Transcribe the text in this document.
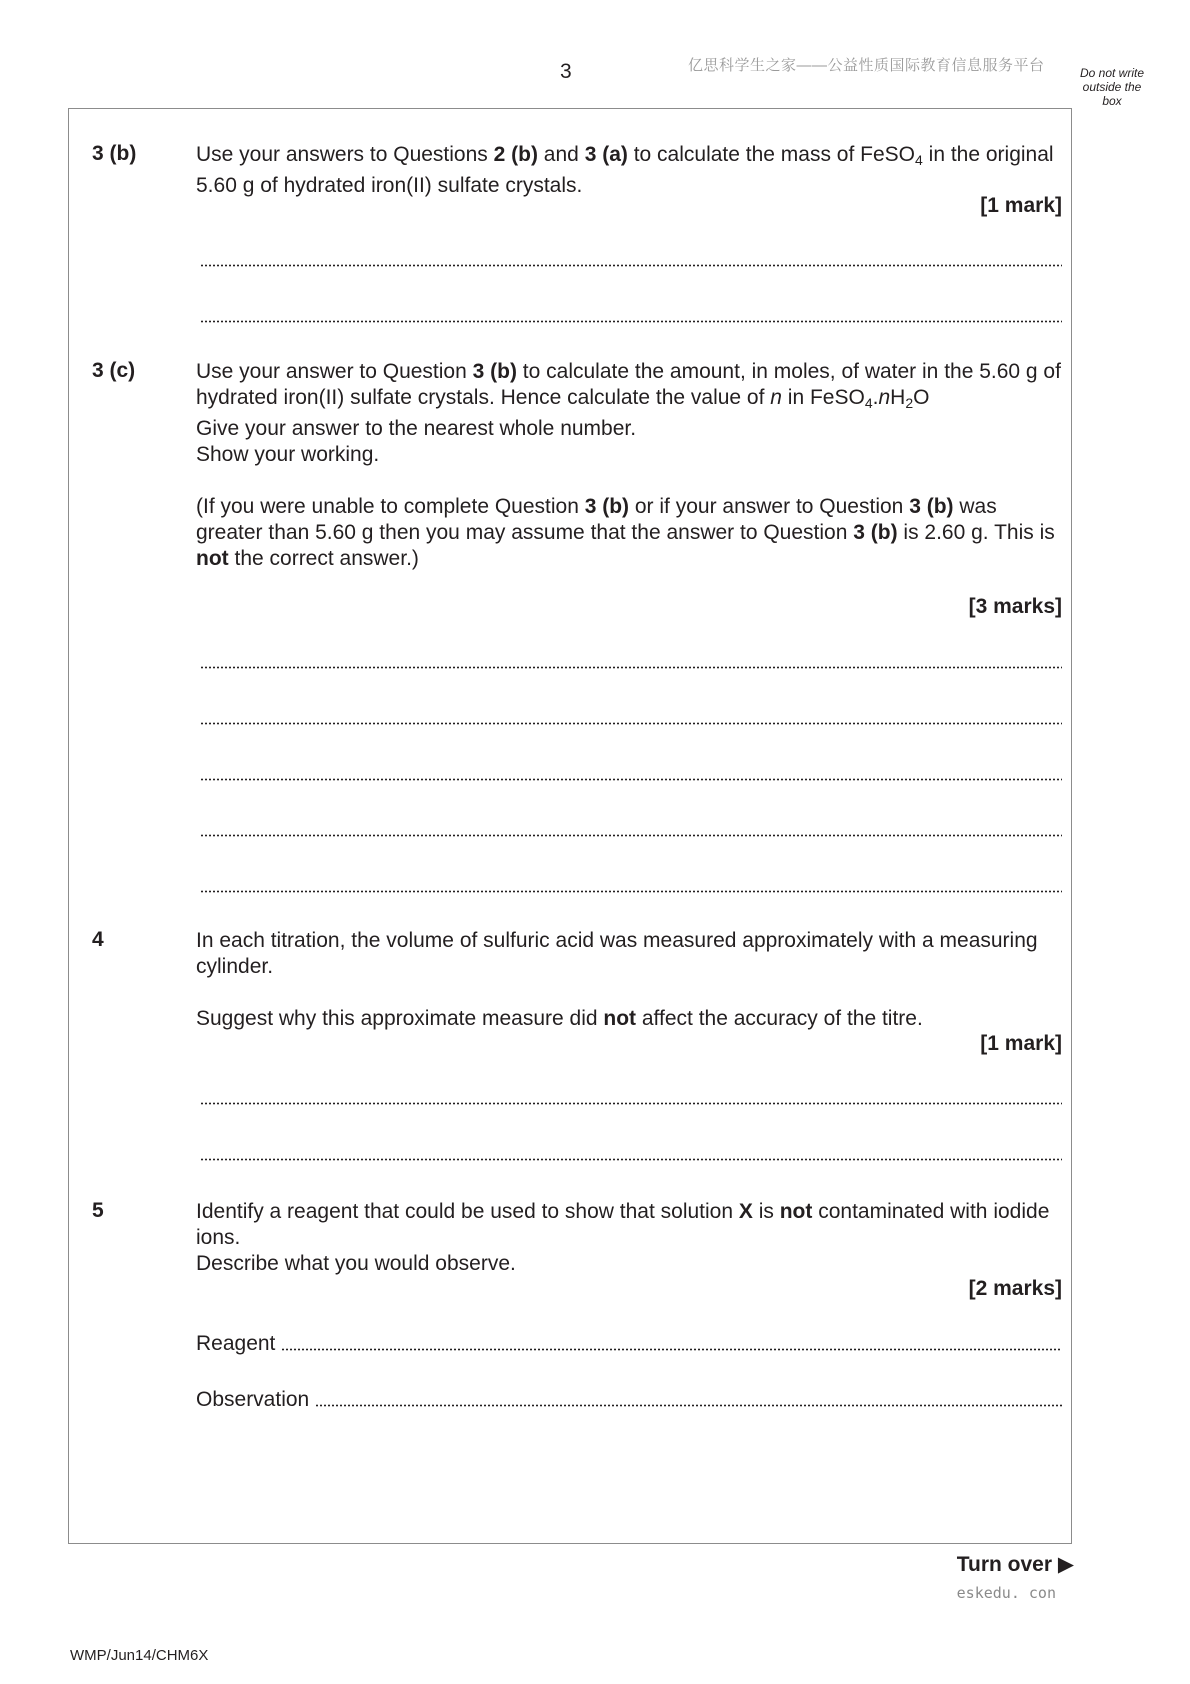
3	亿思科学生之家——公益性质国际教育信息服务平台	Do not write outside the box
3 (b)	Use your answers to Questions 2 (b) and 3 (a) to calculate the mass of FeSO$_4$ in the original 5.60 g of hydrated iron(II) sulfate crystals.

[1 mark]
3 (c)	Use your answer to Question 3 (b) to calculate the amount, in moles, of water in the 5.60 g of hydrated iron(II) sulfate crystals. Hence calculate the value of n in $FeSO_4.nH_2O$

Give your answer to the nearest whole number.

Show your working.

(If you were unable to complete Question 3 (b) or if your answer to Question 3 (b) was greater than 5.60 g then you may assume that the answer to Question 3 (b) is 2.60 g. This is not the correct answer.)

[3 marks]
4	In each titration, the volume of sulfuric acid was measured approximately with a measuring cylinder.

Suggest why this approximate measure did not affect the accuracy of the titre.

[1 mark]
5	Identify a reagent that could be used to show that solution X is not contaminated with iodide ions.

Describe what you would observe.

[2 marks]
Reagent
Observation
Turn over ▶
eskedu. con
WMP/Jun14/CHM6X
